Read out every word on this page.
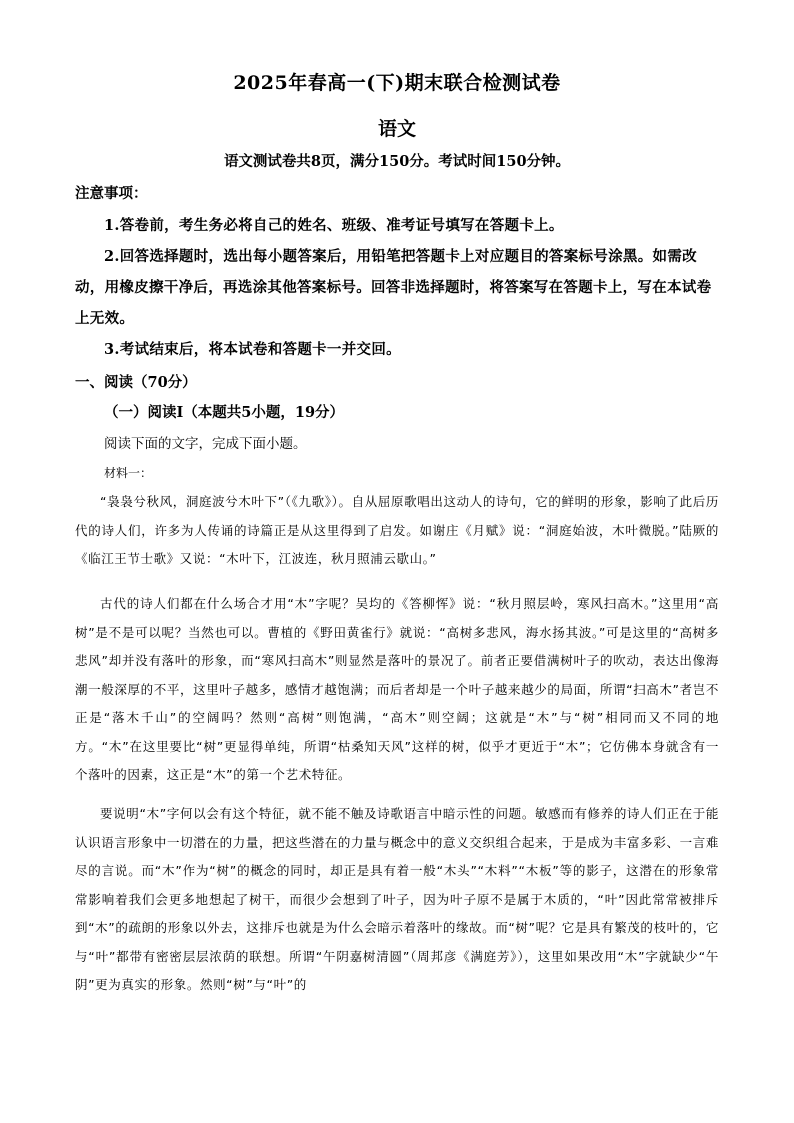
2025年春高一(下)期末联合检测试卷
语文
语文测试卷共8页，满分150分。考试时间150分钟。
注意事项：
1.答卷前，考生务必将自己的姓名、班级、准考证号填写在答题卡上。
2.回答选择题时，选出每小题答案后，用铅笔把答题卡上对应题目的答案标号涂黑。如需改动，用橡皮擦干净后，再选涂其他答案标号。回答非选择题时，将答案写在答题卡上，写在本试卷上无效。
3.考试结束后，将本试卷和答题卡一并交回。
一、阅读（70分）
（一）阅读Ⅰ（本题共5小题，19分）
阅读下面的文字，完成下面小题。
材料一：
“袅袅兮秋风，洞庭波兮木叶下”（《九歌》）。自从屈原歌唱出这动人的诗句，它的鲜明的形象，影响了此后历代的诗人们，许多为人传诵的诗篇正是从这里得到了启发。如谢庄《月赋》说：“洞庭始波，木叶微脱。”陆厥的《临江王节士歌》又说：“木叶下，江波连，秋月照浦云歇山。”
古代的诗人们都在什么场合才用“木”字呢？吴均的《答柳恽》说：“秋月照层岭，寒风扫高木。”这里用“高树”是不是可以呢？当然也可以。曹植的《野田黄雀行》就说：“高树多悲风，海水扬其波。”可是这里的“高树多悲风”却并没有落叶的形象，而“寒风扫高木”则显然是落叶的景况了。前者正要借满树叶子的吹动，表达出像海潮一般深厚的不平，这里叶子越多，感情才越饱满；而后者却是一个叶子越来越少的局面，所谓“扫高木”者岂不正是“落木千山”的空阔吗？然则“高树”则饱满，“高木”则空阔；这就是“木”与“树”相同而又不同的地方。“木”在这里要比“树”更显得单纯，所谓“枯桑知天风”这样的树，似乎才更近于“木”；它仿佛本身就含有一个落叶的因素，这正是“木”的第一个艺术特征。
要说明“木”字何以会有这个特征，就不能不触及诗歌语言中暗示性的问题。敏感而有修养的诗人们正在于能认识语言形象中一切潜在的力量，把这些潜在的力量与概念中的意义交织组合起来，于是成为丰富多彩、一言难尽的言说。而“木”作为“树”的概念的同时，却正是具有着一般“木头”“木料”“木板”等的影子，这潜在的形象常常影响着我们会更多地想起了树干，而很少会想到了叶子，因为叶子原不是属于木质的，“叶”因此常常被排斥到“木”的疏朗的形象以外去，这排斥也就是为什么会暗示着落叶的缘故。而“树”呢？它是具有繁茂的枝叶的，它与“叶”都带有密密层层浓荫的联想。所谓“午阴嘉树清圆”（周邦彦《满庭芳》），这里如果改用“木”字就缺少“午阴”更为真实的形象。然则“树”与“叶”的
